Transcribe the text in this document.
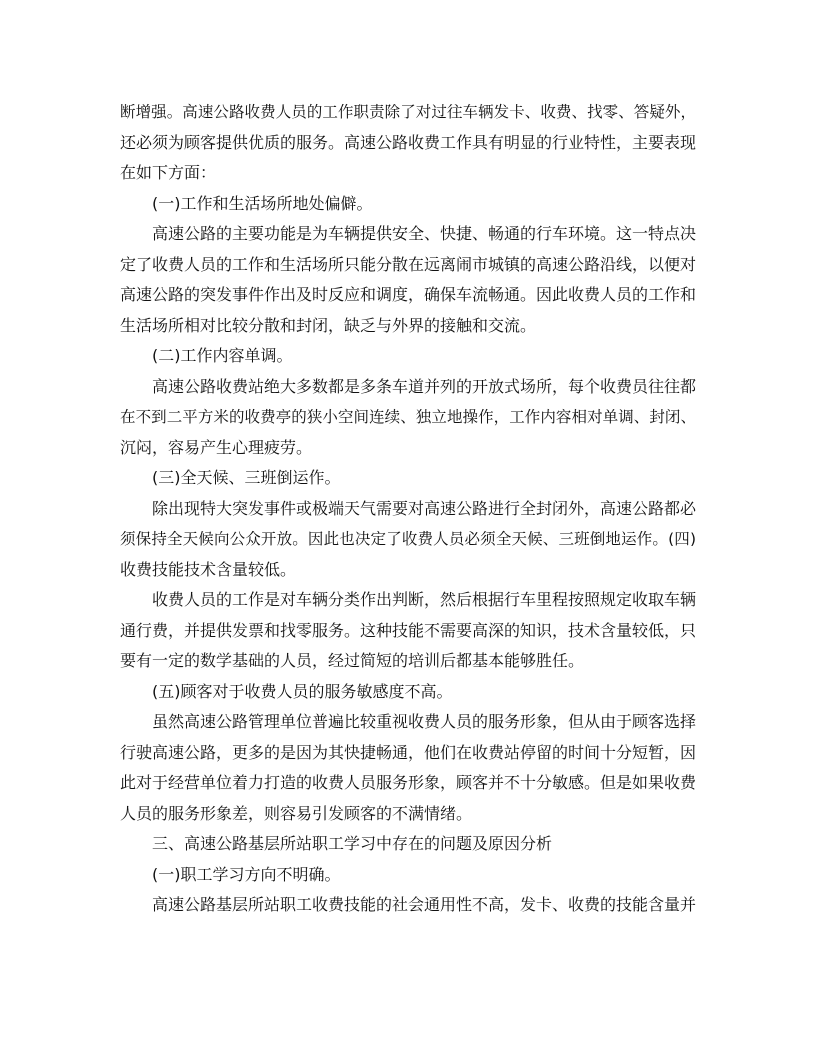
断增强。高速公路收费人员的工作职责除了对过往车辆发卡、收费、找零、答疑外，
还必须为顾客提供优质的服务。高速公路收费工作具有明显的行业特性，主要表现
在如下方面：
(一)工作和生活场所地处偏僻。
高速公路的主要功能是为车辆提供安全、快捷、畅通的行车环境。这一特点决
定了收费人员的工作和生活场所只能分散在远离闹市城镇的高速公路沿线，以便对
高速公路的突发事件作出及时反应和调度，确保车流畅通。因此收费人员的工作和
生活场所相对比较分散和封闭，缺乏与外界的接触和交流。
(二)工作内容单调。
高速公路收费站绝大多数都是多条车道并列的开放式场所，每个收费员往往都
在不到二平方米的收费亭的狭小空间连续、独立地操作，工作内容相对单调、封闭、
沉闷，容易产生心理疲劳。
(三)全天候、三班倒运作。
除出现特大突发事件或极端天气需要对高速公路进行全封闭外，高速公路都必
须保持全天候向公众开放。因此也决定了收费人员必须全天候、三班倒地运作。(四)
收费技能技术含量较低。
收费人员的工作是对车辆分类作出判断，然后根据行车里程按照规定收取车辆
通行费，并提供发票和找零服务。这种技能不需要高深的知识，技术含量较低，只
要有一定的数学基础的人员，经过简短的培训后都基本能够胜任。
(五)顾客对于收费人员的服务敏感度不高。
虽然高速公路管理单位普遍比较重视收费人员的服务形象，但从由于顾客选择
行驶高速公路，更多的是因为其快捷畅通，他们在收费站停留的时间十分短暂，因
此对于经营单位着力打造的收费人员服务形象，顾客并不十分敏感。但是如果收费
人员的服务形象差，则容易引发顾客的不满情绪。
三、高速公路基层所站职工学习中存在的问题及原因分析
(一)职工学习方向不明确。
高速公路基层所站职工收费技能的社会通用性不高，发卡、收费的技能含量并
